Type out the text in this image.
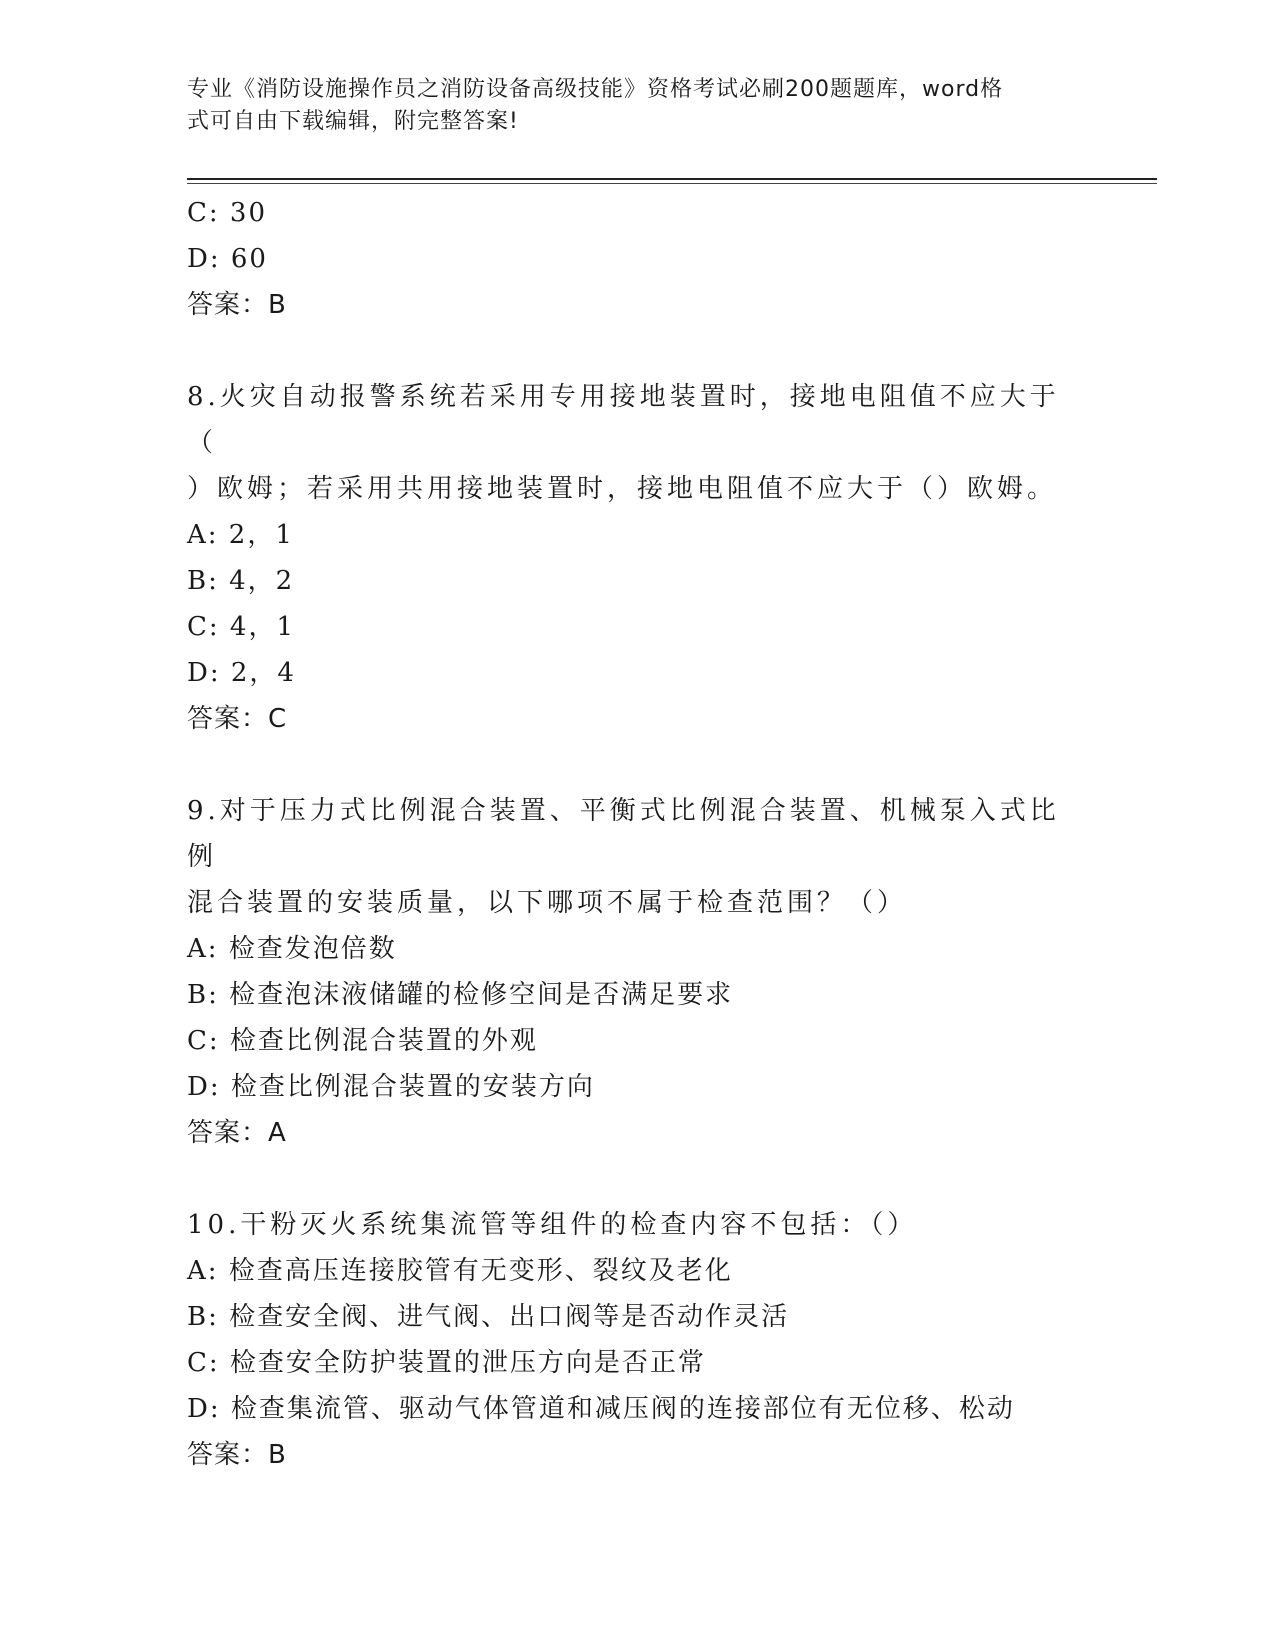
专业《消防设施操作员之消防设备高级技能》资格考试必刷200题题库，word格
式可自由下载编辑，附完整答案!
C: 30
D: 60
答案：B
8.火灾自动报警系统若采用专用接地装置时，接地电阻值不应大于（
）欧姆；若采用共用接地装置时，接地电阻值不应大于（）欧姆。
A: 2，1
B: 4，2
C: 4，1
D: 2，4
答案：C
9.对于压力式比例混合装置、平衡式比例混合装置、机械泵入式比例
混合装置的安装质量，以下哪项不属于检查范围？（）
A: 检查发泡倍数
B: 检查泡沫液储罐的检修空间是否满足要求
C: 检查比例混合装置的外观
D: 检查比例混合装置的安装方向
答案：A
10.干粉灭火系统集流管等组件的检查内容不包括：（）
A: 检查高压连接胶管有无变形、裂纹及老化
B: 检查安全阀、进气阀、出口阀等是否动作灵活
C: 检查安全防护装置的泄压方向是否正常
D: 检查集流管、驱动气体管道和减压阀的连接部位有无位移、松动
答案：B
